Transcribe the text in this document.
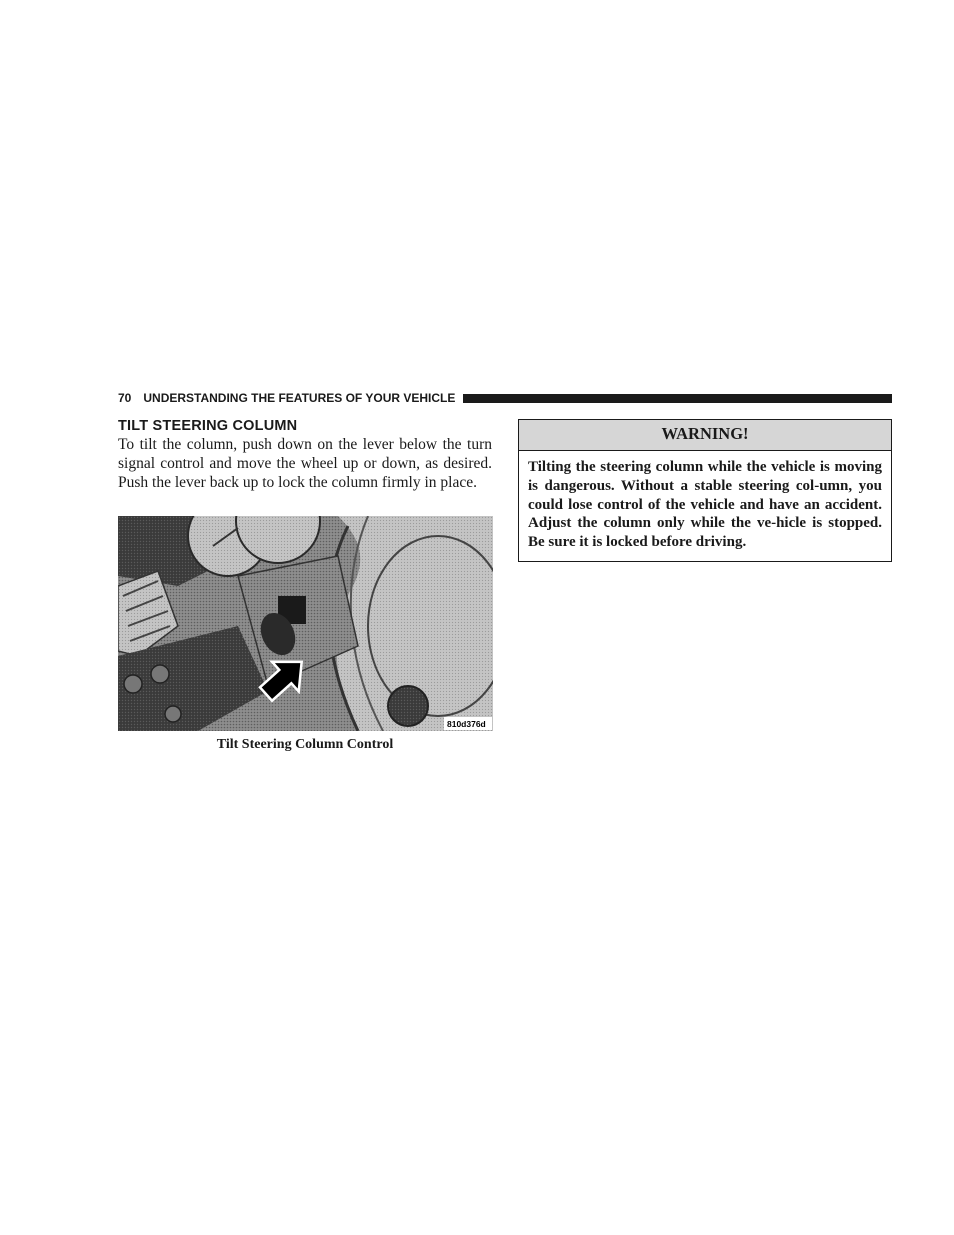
70 UNDERSTANDING THE FEATURES OF YOUR VEHICLE
TILT STEERING COLUMN

To tilt the column, push down on the lever below the turn signal control and move the wheel up or down, as desired. Push the lever back up to lock the column firmly in place.

810d376d
Tilt Steering Column Control
WARNING!
Tilting the steering column while the vehicle is moving is dangerous. Without a stable steering col-umn, you could lose control of the vehicle and have an accident. Adjust the column only while the ve-hicle is stopped. Be sure it is locked before driving.
